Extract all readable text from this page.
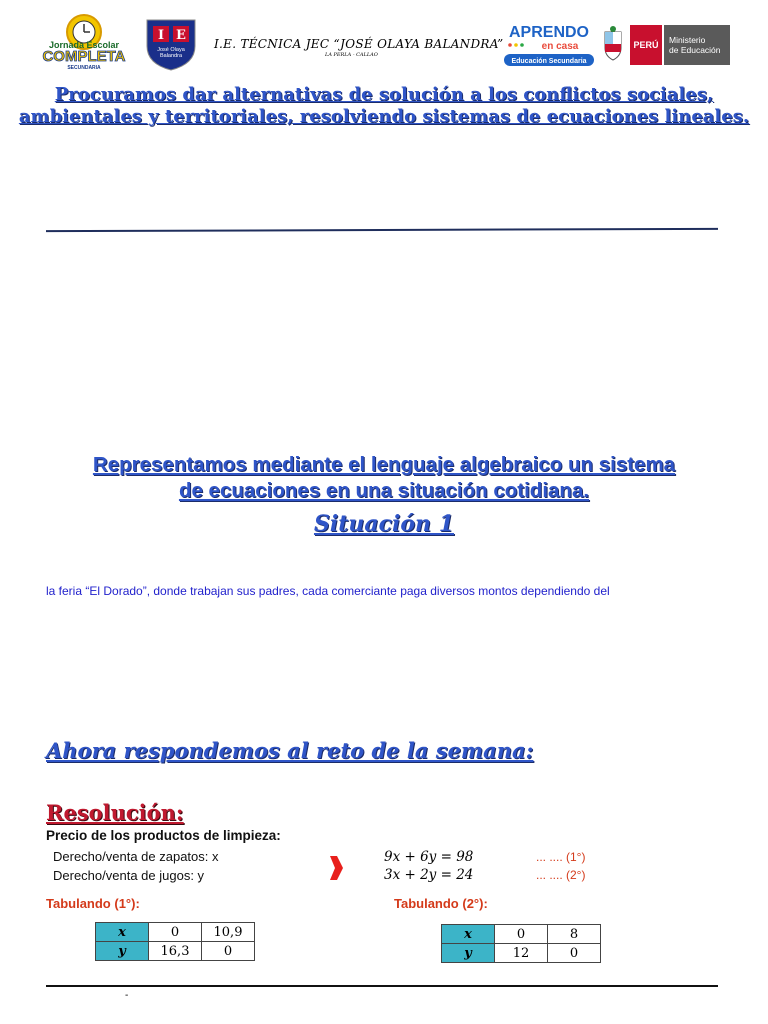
Jornada Escolar
COMPLETA
SECUNDARIA
I E
José Olaya
Balandra
I.E. TÉCNICA JEC “JOSÉ OLAYA BALANDRA”
LA PERLA - CALLAO
APRENDO
en casa
Educación Secundaria
PERÚ	Ministerio
de Educación
Procuramos dar alternativas de solución a los conflictos sociales,
ambientales y territoriales, resolviendo sistemas de ecuaciones lineales.
Representamos mediante el lenguaje algebraico un sistema
de ecuaciones en una situación cotidiana.
Situación 1
la feria “El Dorado”, donde trabajan sus padres, cada comerciante paga diversos montos dependiendo del
Ahora respondemos al reto de la semana:
Resolución:
Precio de los productos de limpieza:
Derecho/venta de zapatos: x
Derecho/venta de jugos: y
9x + 6y = 98	... .... (1°)
3x + 2y = 24	... .... (2°)
Tabulando (1°):
x	0	10,9
y	16,3	0
Tabulando (2°):
x	0	8
y	12	0
-
